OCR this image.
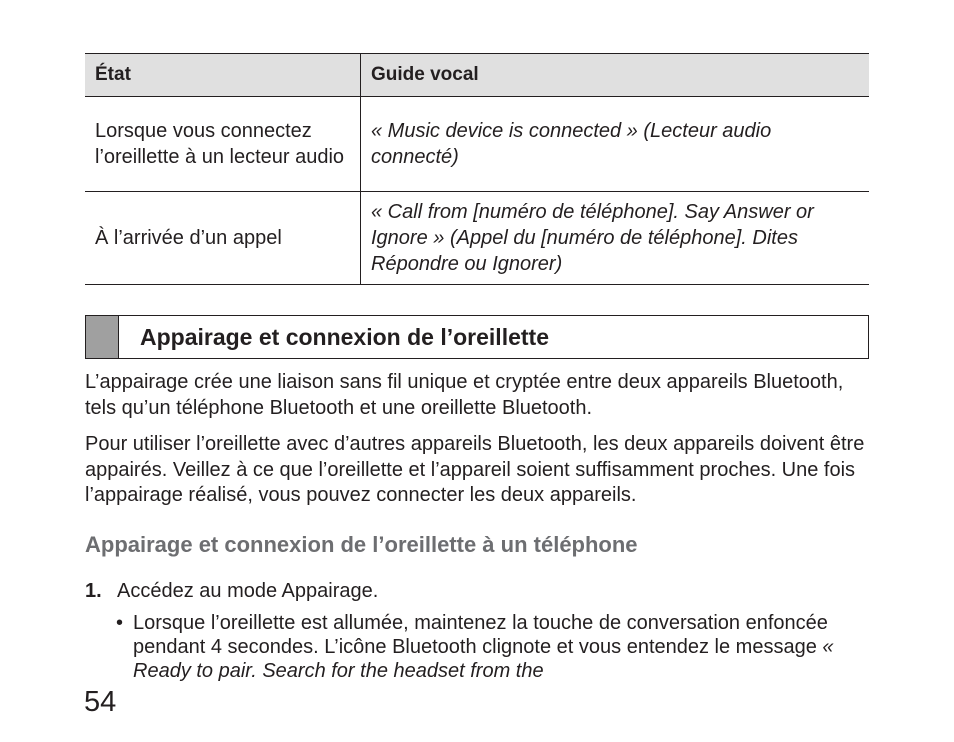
État	Guide vocal
Lorsque vous connectez l’oreillette à un lecteur audio	« Music device is connected » (Lecteur audio connecté)
À l’arrivée d’un appel	« Call from [numéro de téléphone]. Say Answer or Ignore » (Appel du [numéro de téléphone]. Dites Répondre ou Ignorer)
Appairage et connexion de l’oreillette

L’appairage crée une liaison sans fil unique et cryptée entre deux appareils Bluetooth, tels qu’un téléphone Bluetooth et une oreillette Bluetooth.

Pour utiliser l’oreillette avec d’autres appareils Bluetooth, les deux appareils doivent être appairés. Veillez à ce que l’oreillette et l’appareil soient suffisamment proches. Une fois l’appairage réalisé, vous pouvez connecter les deux appareils.

Appairage et connexion de l’oreillette à un téléphone
1. Accédez au mode Appairage.
• Lorsque l’oreillette est allumée, maintenez la touche de conversation enfoncée pendant 4 secondes. L’icône Bluetooth clignote et vous entendez le message « Ready to pair. Search for the headset from the
54
